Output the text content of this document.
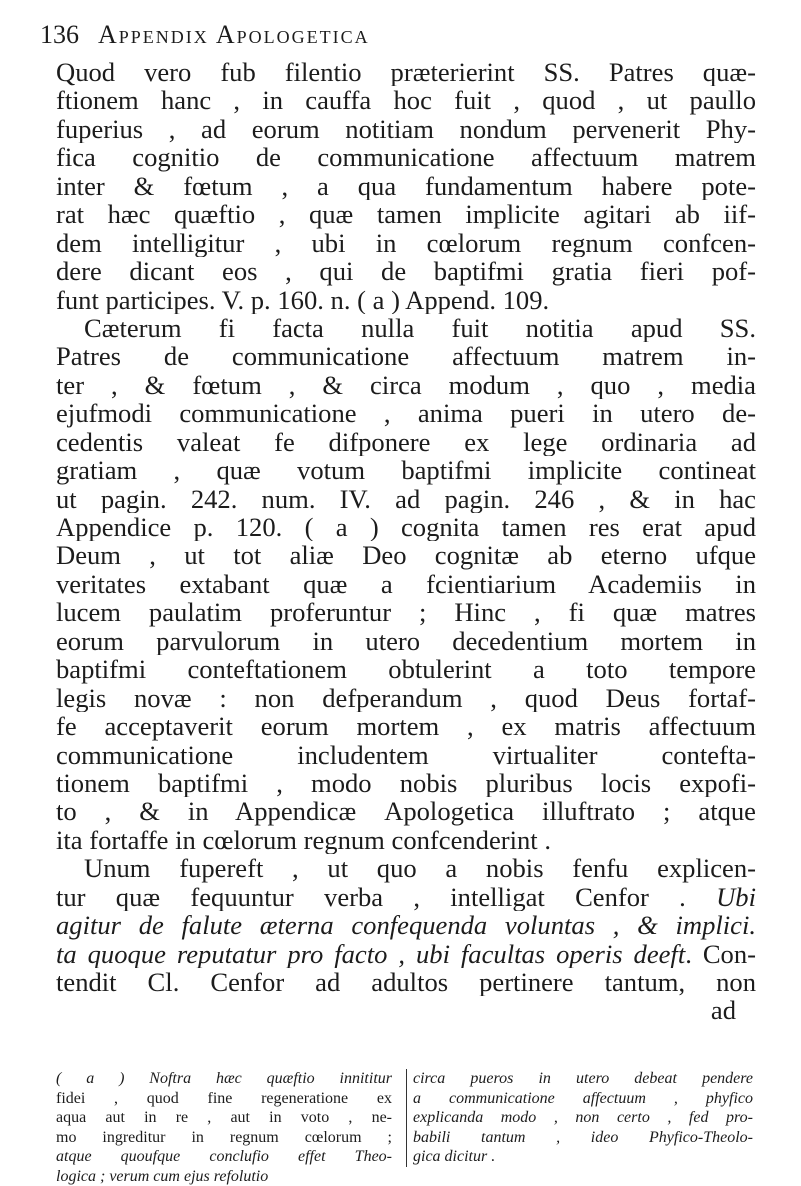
136 Appendix Apologetica
Quod vero fub filentio prӕterierint SS. Patres quӕ-
ftionem hanc , in cauffa hoc fuit , quod , ut paullo
fuperius , ad eorum notitiam nondum pervenerit Phy-
fica cognitio de communicatione affectuum matrem
inter & fœtum , a qua fundamentum habere pote-
rat hӕc quӕftio , quӕ tamen implicite agitari ab iif-
dem intelligitur , ubi in cœlorum regnum confcen-
dere dicant eos , qui de baptifmi gratia fieri pof-
funt participes. V. p. 160. n. ( a ) Append. 109.
Cӕterum fi facta nulla fuit notitia apud SS.
Patres de communicatione affectuum matrem in-
ter , & fœtum , & circa modum , quo , media
ejufmodi communicatione , anima pueri in utero de-
cedentis valeat fe difponere ex lege ordinaria ad
gratiam , quӕ votum baptifmi implicite contineat
ut pagin. 242. num. IV. ad pagin. 246 , & in hac
Appendice p. 120. ( a ) cognita tamen res erat apud
Deum , ut tot aliӕ Deo cognitӕ ab eterno ufque
veritates extabant quӕ a fcientiarium Academiis in
lucem paulatim proferuntur ; Hinc , fi quӕ matres
eorum parvulorum in utero decedentium mortem in
baptifmi conteftationem obtulerint a toto tempore
legis novӕ : non defperandum , quod Deus fortaf-
fe acceptaverit eorum mortem , ex matris affectuum
communicatione includentem virtualiter contefta-
tionem baptifmi , modo nobis pluribus locis expofi-
to , & in Appendicӕ Apologetica illuftrato ; atque
ita fortaffe in cœlorum regnum confcenderint .
Unum fupereft , ut quo a nobis fenfu explicen-
tur quӕ fequuntur verba , intelligat Cenfor . Ubi
agitur de falute ӕterna confequenda voluntas , & implici.
ta quoque reputatur pro facto , ubi facultas operis deeft. Con-
tendit Cl. Cenfor ad adultos pertinere tantum, non
ad
( a ) Noftra hӕc quӕftio innititur
fidei , quod fine regeneratione ex
aqua aut in re , aut in voto , ne-
mo ingreditur in regnum cœlorum ;
atque quoufque conclufio effet Theo-
logica ; verum cum ejus refolutio
circa pueros in utero debeat pendere
a communicatione affectuum , phyfico
explicanda modo , non certo , fed pro-
babili tantum , ideo Phyfico-Theolo-
gica dicitur .
